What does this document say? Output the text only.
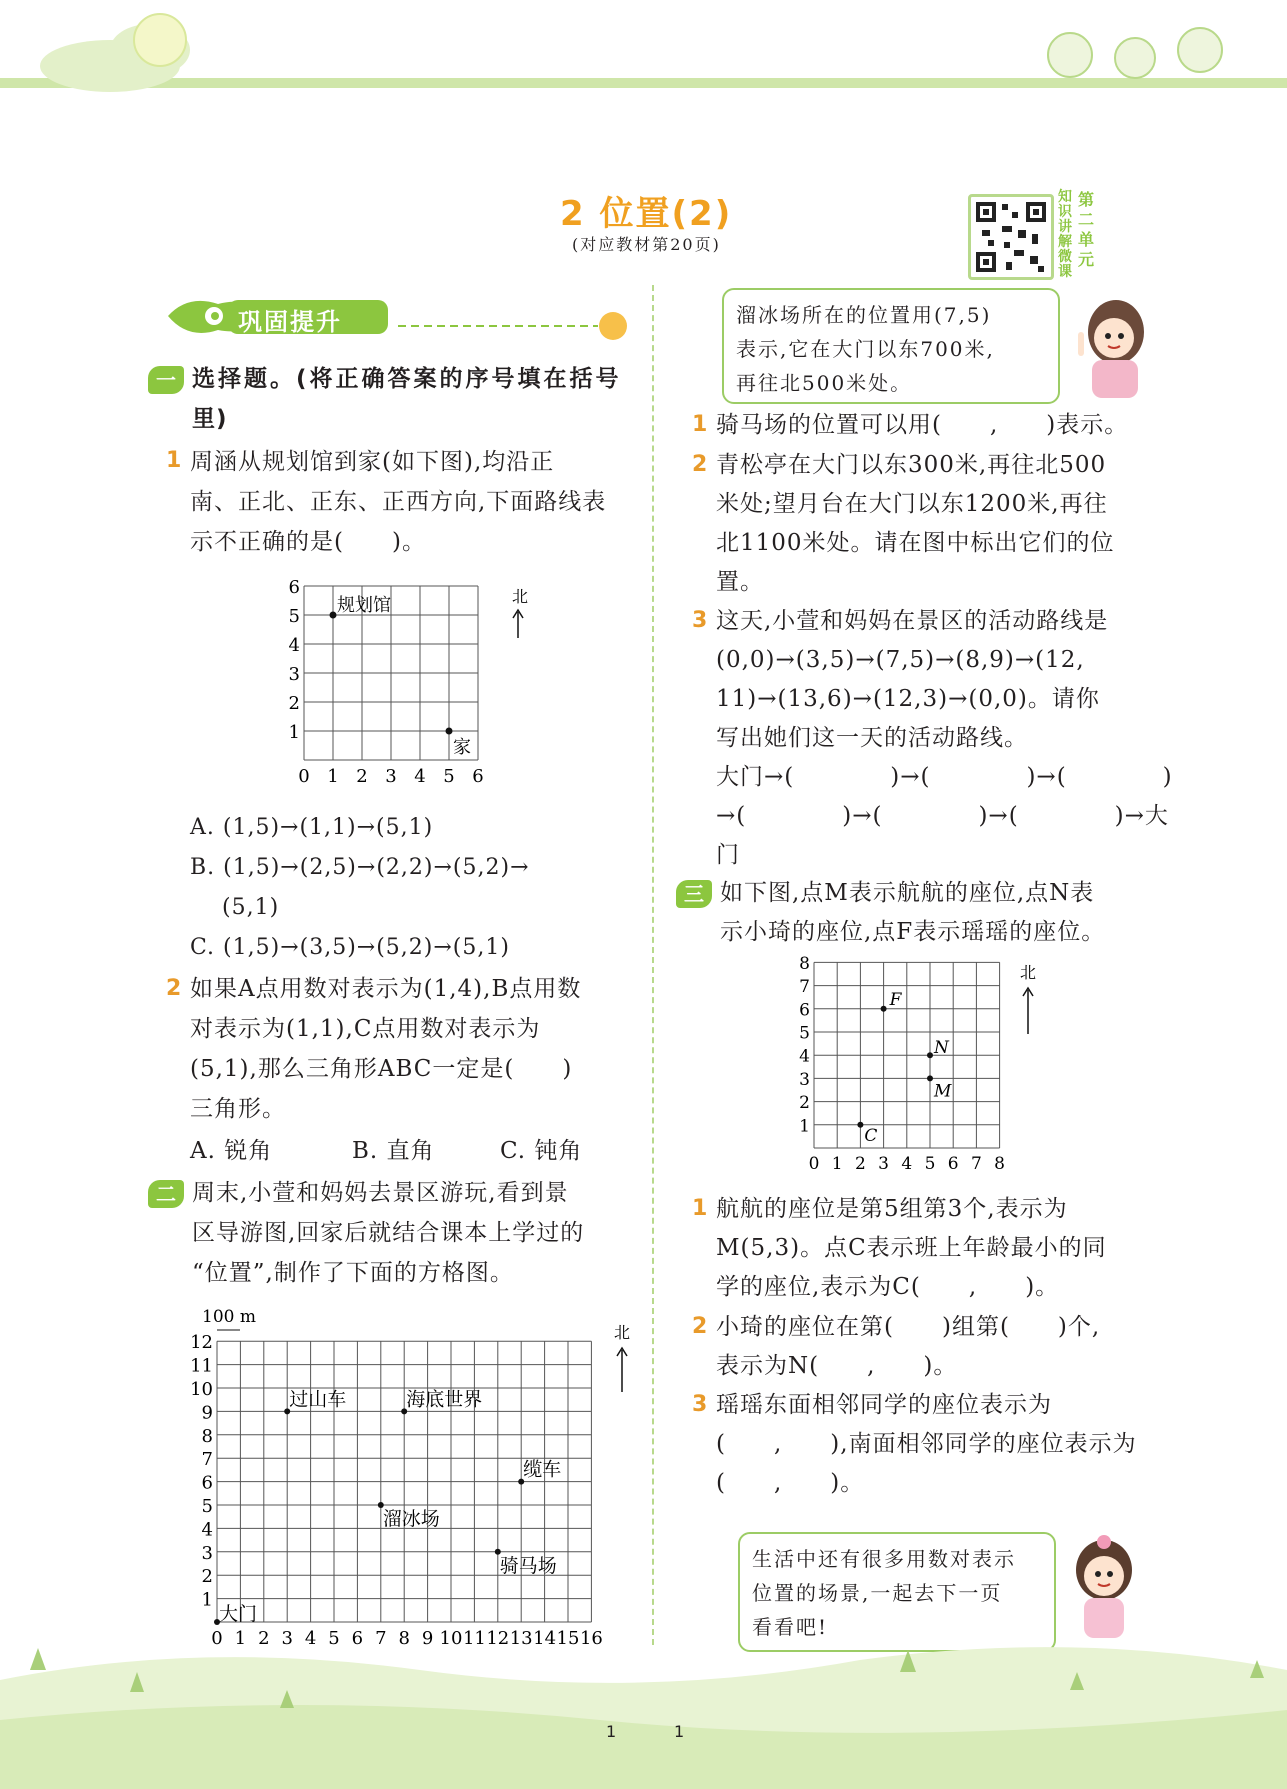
2 位置(2)
(对应教材第20页)
知识讲解微课
第二单元
巩固提升
一 选择题。(将正确答案的序号填在括号
里)
1 周涵从规划馆到家(如下图),均沿正
南、正北、正东、正西方向,下面路线表
示不正确的是(　　)。
0 1 2 3 4 5 6
1
2
3
4
5
6
规划馆
家
北
A. (1,5)→(1,1)→(5,1)
B. (1,5)→(2,5)→(2,2)→(5,2)→
(5,1)
C. (1,5)→(3,5)→(5,2)→(5,1)
2 如果A点用数对表示为(1,4),B点用数
对表示为(1,1),C点用数对表示为
(5,1),那么三角形ABC一定是(　　)
三角形。
A. 锐角	B. 直角	C. 钝角
二 周末,小萱和妈妈去景区游玩,看到景
区导游图,回家后就结合课本上学过的
“位置”,制作了下面的方格图。
0 1 2 3 4 5 6 7 8 9 10 11 12 13 14 15 16
1
2
3
4
5
6
7
8
9
10
11
12
过山车	海底世界
缆车
溜冰场
骑马场
大门
100 m
北
溜冰场所在的位置用(7,5)
表示,它在大门以东700米,
再往北500米处。
1 骑马场的位置可以用(　　,　　)表示。
2 青松亭在大门以东300米,再往北500
米处;望月台在大门以东1200米,再往
北1100米处。请在图中标出它们的位
置。
3 这天,小萱和妈妈在景区的活动路线是
(0,0)→(3,5)→(7,5)→(8,9)→(12,
11)→(13,6)→(12,3)→(0,0)。请你
写出她们这一天的活动路线。
大门→(　　　　)→(　　　　)→(　　　　)
→(　　　　)→(　　　　)→(　　　　)→大
门
三 如下图,点M表示航航的座位,点N表
示小琦的座位,点F表示瑶瑶的座位。
0 1 2 3 4 5 6 7 8
1
2
3
4
5
6
7
8
F
N
M
C
北
1 航航的座位是第5组第3个,表示为
M(5,3)。点C表示班上年龄最小的同
学的座位,表示为C(　　,　　)。
2 小琦的座位在第(　　)组第(　　)个,
表示为N(　　,　　)。
3 瑶瑶东面相邻同学的座位表示为
(　　,　　),南面相邻同学的座位表示为
(　　,　　)。
生活中还有很多用数对表示
位置的场景,一起去下一页
看看吧!
1	1
